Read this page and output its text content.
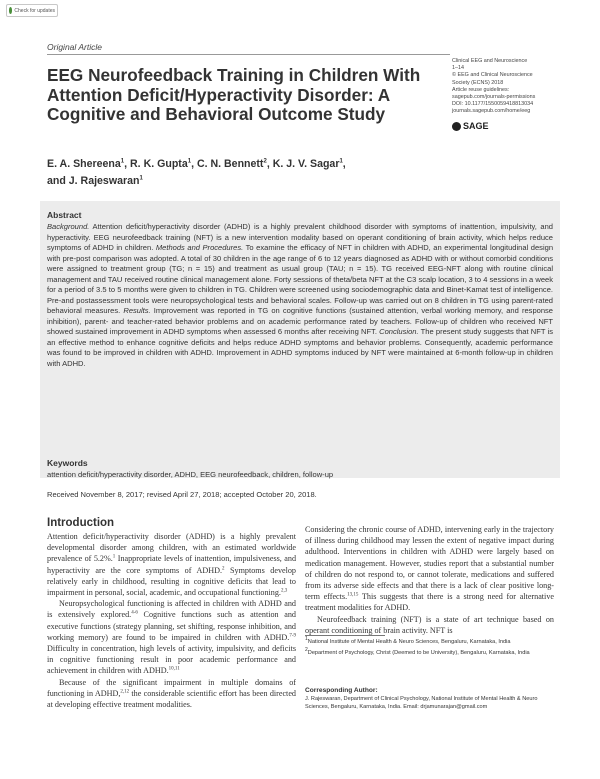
Check for updates
Original Article
EEG Neurofeedback Training in Children With Attention Deficit/Hyperactivity Disorder: A Cognitive and Behavioral Outcome Study
Clinical EEG and Neuroscience
1–14
© EEG and Clinical Neuroscience
Society (ECNS) 2018
Article reuse guidelines:
sagepub.com/journals-permissions
DOI: 10.1177/1550059418813034
journals.sagepub.com/home/eeg
SAGE
E. A. Shereena$^1$, R. K. Gupta$^1$, C. N. Bennett$^2$, K. J. V. Sagar$^1$,
and J. Rajeswaran$^1$
Abstract

Background. Attention deficit/hyperactivity disorder (ADHD) is a highly prevalent childhood disorder with symptoms of inattention, impulsivity, and hyperactivity. EEG neurofeedback training (NFT) is a new intervention modality based on operant conditioning of brain activity, which helps reduce symptoms of ADHD in children. Methods and Procedures. To examine the efficacy of NFT in children with ADHD, an experimental longitudinal design with pre-post comparison was adopted. A total of 30 children in the age range of 6 to 12 years diagnosed as ADHD with or without comorbid conditions were assigned to treatment group (TG; n = 15) and treatment as usual group (TAU; n = 15). TG received EEG-NFT along with routine clinical management and TAU received routine clinical management alone. Forty sessions of theta/beta NFT at the C3 scalp location, 3 to 4 sessions in a week for a period of 3.5 to 5 months were given to children in TG. Children were screened using sociodemographic data and Binet-Kamat test of intelligence. Pre-and postassessment tools were neuropsychological tests and behavioral scales. Follow-up was carried out on 8 children in TG using parent-rated behavioral measures. Results. Improvement was reported in TG on cognitive functions (sustained attention, verbal working memory, and response inhibition), parent- and teacher-rated behavior problems and on academic performance rated by teachers. Follow-up of children who received NFT showed sustained improvement in ADHD symptoms when assessed 6 months after receiving NFT. Conclusion. The present study suggests that NFT is an effective method to enhance cognitive deficits and helps reduce ADHD symptoms and behavior problems. Consequently, academic performance was found to be improved in children with ADHD. Improvement in ADHD symptoms induced by NFT were maintained at 6-month follow-up in children with ADHD.

Keywords
attention deficit/hyperactivity disorder, ADHD, EEG neurofeedback, children, follow-up
Received November 8, 2017; revised April 27, 2018; accepted October 20, 2018.
Introduction

Attention deficit/hyperactivity disorder (ADHD) is a highly prevalent developmental disorder among children, with an estimated worldwide prevalence of 5.2%.$^1$ Inappropriate levels of inattention, impulsiveness, and hyperactivity are the core symptoms of ADHD.$^2$ Symptoms develop relatively early in childhood, resulting in cognitive deficits that lead to impairment in personal, social, academic, and occupational functioning.$^{2,3}$

Neuropsychological functioning is affected in children with ADHD and is extensively explored.$^{4-6}$ Cognitive functions such as attention and executive functions (strategy planning, set shifting, response inhibition, and working memory) are found to be impaired in children with ADHD.$^{7-9}$ Difficulty in concentration, high levels of activity, impulsivity, and deficits in cognitive functioning result in poor academic performance and achievement in children with ADHD.$^{10,11}$

Because of the significant impairment in multiple domains of functioning in ADHD,$^{2,12}$ the considerable scientific effort has been directed at developing effective treatment modalities.

Considering the chronic course of ADHD, intervening early in the trajectory of illness during childhood may lessen the extent of negative impact during adulthood. Interventions in children with ADHD were largely based on medication management. However, studies report that a substantial number of children do not respond to, or cannot tolerate, medications and suffered from its adverse side effects and that there is a lack of clear positive long-term effects.$^{13,15}$ This suggests that there is a strong need for alternative treatment modalities for ADHD.

Neurofeedback training (NFT) is a state of art technique based on operant conditioning of brain activity. NFT is

$^1$National Institute of Mental Health & Neuro Sciences, Bengaluru, Karnataka, India

$^2$Department of Psychology, Christ (Deemed to be University), Bengaluru, Karnataka, India

Corresponding Author:

J. Rajeswaran, Department of Clinical Psychology, National Institute of Mental Health & Neuro Sciences, Bengaluru, Karnataka, India. Email: drjamunarajan@gmail.com
